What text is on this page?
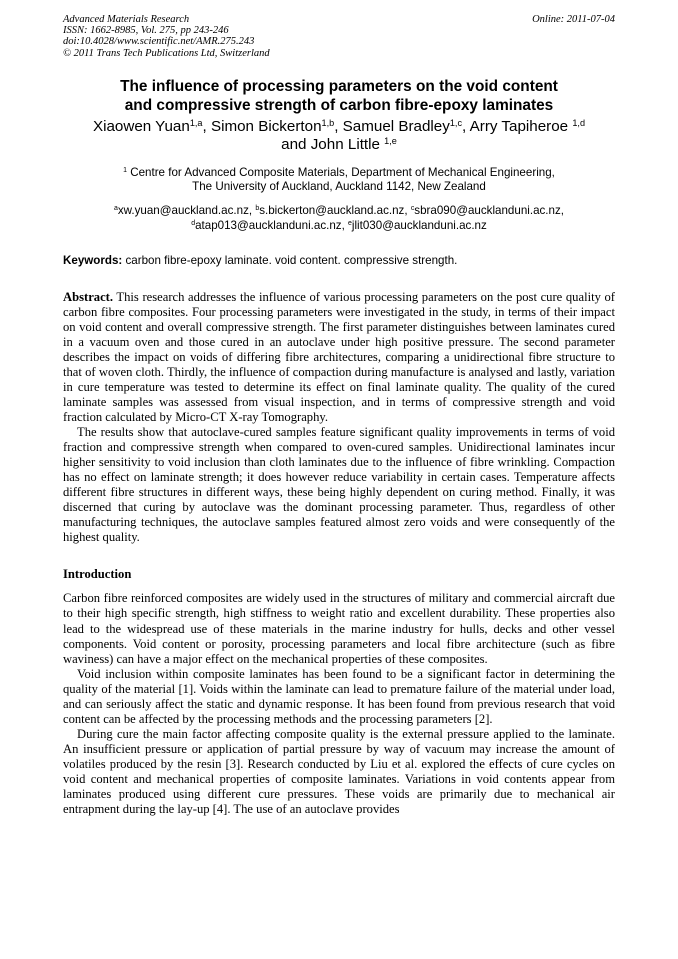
Advanced Materials Research
ISSN: 1662-8985, Vol. 275, pp 243-246
doi:10.4028/www.scientific.net/AMR.275.243
© 2011 Trans Tech Publications Ltd, Switzerland
Online: 2011-07-04
The influence of processing parameters on the void content
and compressive strength of carbon fibre-epoxy laminates
Xiaowen Yuan$^{1,a}$, Simon Bickerton$^{1,b}$, Samuel Bradley$^{1,c}$, Arry Tapiheroe $^{1,d}$
and John Little $^{1,e}$
$^1$ Centre for Advanced Composite Materials, Department of Mechanical Engineering,
The University of Auckland, Auckland 1142, New Zealand
$^a$xw.yuan@auckland.ac.nz, $^b$s.bickerton@auckland.ac.nz, $^c$sbra090@aucklanduni.ac.nz,
$^d$atap013@aucklanduni.ac.nz, $^e$jlit030@aucklanduni.ac.nz
Keywords: carbon fibre-epoxy laminate. void content. compressive strength.

Abstract. This research addresses the influence of various processing parameters on the post cure quality of carbon fibre composites. Four processing parameters were investigated in the study, in terms of their impact on void content and overall compressive strength. The first parameter distinguishes between laminates cured in a vacuum oven and those cured in an autoclave under high positive pressure. The second parameter describes the impact on voids of differing fibre architectures, comparing a unidirectional fibre structure to that of woven cloth. Thirdly, the influence of compaction during manufacture is analysed and lastly, variation in cure temperature was tested to determine its effect on final laminate quality. The quality of the cured laminate samples was assessed from visual inspection, and in terms of compressive strength and void fraction calculated by Micro-CT X-ray Tomography.

The results show that autoclave-cured samples feature significant quality improvements in terms of void fraction and compressive strength when compared to oven-cured samples. Unidirectional laminates incur higher sensitivity to void inclusion than cloth laminates due to the influence of fibre wrinkling. Compaction has no effect on laminate strength; it does however reduce variability in certain cases. Temperature affects different fibre structures in different ways, these being highly dependent on curing method. Finally, it was discerned that curing by autoclave was the dominant processing parameter. Thus, regardless of other manufacturing techniques, the autoclave samples featured almost zero voids and were consequently of the highest quality.

Introduction

Carbon fibre reinforced composites are widely used in the structures of military and commercial aircraft due to their high specific strength, high stiffness to weight ratio and excellent durability. These properties also lead to the widespread use of these materials in the marine industry for hulls, decks and other vessel components. Void content or porosity, processing parameters and local fibre architecture (such as fibre waviness) can have a major effect on the mechanical properties of these composites.

Void inclusion within composite laminates has been found to be a significant factor in determining the quality of the material [1]. Voids within the laminate can lead to premature failure of the material under load, and can seriously affect the static and dynamic response. It has been found from previous research that void content can be affected by the processing methods and the processing parameters [2].

During cure the main factor affecting composite quality is the external pressure applied to the laminate. An insufficient pressure or application of partial pressure by way of vacuum may increase the amount of volatiles produced by the resin [3]. Research conducted by Liu et al. explored the effects of cure cycles on void content and mechanical properties of composite laminates. Variations in void contents appear from laminates produced using different cure pressures. These voids are primarily due to mechanical air entrapment during the lay-up [4]. The use of an autoclave provides
